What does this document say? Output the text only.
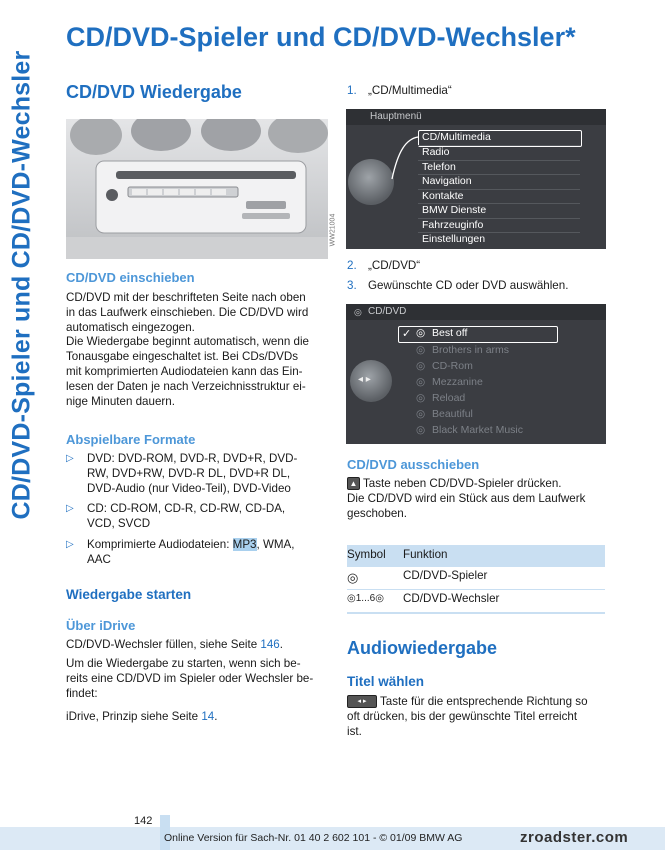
CD/DVD-Spieler und CD/DVD-Wechsler
CD/DVD-Spieler und CD/DVD-Wechsler*
CD/DVD Wiedergabe
WW21004
CD/DVD einschieben
CD/DVD mit der beschrifteten Seite nach oben
in das Laufwerk einschieben. Die CD/DVD wird
automatisch eingezogen.
Die Wiedergabe beginnt automatisch, wenn die
Tonausgabe eingeschaltet ist. Bei CDs/DVDs
mit komprimierten Audiodateien kann das Ein-
lesen der Daten je nach Verzeichnisstruktur ei-
nige Minuten dauern.
Abspielbare Formate
▷ DVD: DVD-ROM, DVD-R, DVD+R, DVD-
RW, DVD+RW, DVD-R DL, DVD+R DL,
DVD-Audio (nur Video-Teil), DVD-Video
▷ CD: CD-ROM, CD-R, CD-RW, CD-DA,
VCD, SVCD
▷ Komprimierte Audiodateien: MP3, WMA,
AAC
Wiedergabe starten
Über iDrive
CD/DVD-Wechsler füllen, siehe Seite 146.
Um die Wiedergabe zu starten, wenn sich be-
reits eine CD/DVD im Spieler oder Wechsler be-
findet:
iDrive, Prinzip siehe Seite 14.
1. „CD/Multimedia“
Hauptmenü
CD/Multimedia
Radio
Telefon
Navigation
Kontakte
BMW Dienste
Fahrzeuginfo
Einstellungen
2. „CD/DVD“
3. Gewünschte CD oder DVD auswählen.
◎ CD/DVD
◂ ▸
✓ ◎ Best off
◎ Brothers in arms
◎ CD-Rom
◎ Mezzanine
◎ Reload
◎ Beautiful
◎ Black Market Music
CD/DVD ausschieben
▲ Taste neben CD/DVD-Spieler drücken.
Die CD/DVD wird ein Stück aus dem Laufwerk
geschoben.
Symbol Funktion
◎	CD/DVD-Spieler
◎1...6◎ CD/DVD-Wechsler
Audiowiedergabe
Titel wählen
◂ ▸ Taste für die entsprechende Richtung so
oft drücken, bis der gewünschte Titel erreicht
ist.
142
Online Version für Sach-Nr. 01 40 2 602 101 - © 01/09 BMW AG	zroadster.com
